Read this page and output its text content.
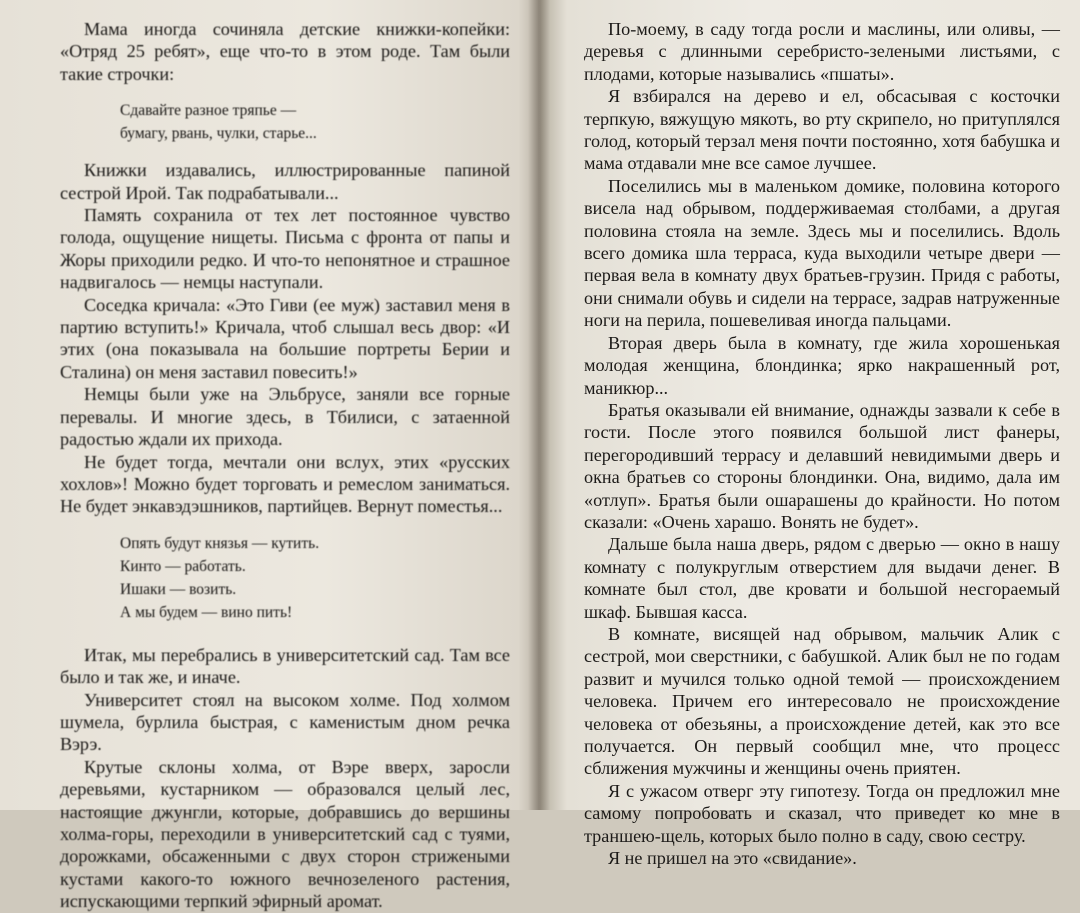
Мама иногда сочиняла детские книжки-копейки: «Отряд 25 ребят», еще что-то в этом роде. Там были такие строчки:

Сдавайте разное тряпье —
бумагу, рвань, чулки, старье...

Книжки издавались, иллюстрированные папиной сестрой Ирой. Так подрабатывали...

Память сохранила от тех лет постоянное чувство голода, ощущение нищеты. Письма с фронта от папы и Жоры приходили редко. И что-то непонятное и страшное надвигалось — немцы наступали.

Соседка кричала: «Это Гиви (ее муж) заставил меня в партию вступить!» Кричала, чтоб слышал весь двор: «И этих (она показывала на большие портреты Берии и Сталина) он меня заставил повесить!»

Немцы были уже на Эльбрусе, заняли все горные перевалы. И многие здесь, в Тбилиси, с затаенной радостью ждали их прихода.

Не будет тогда, мечтали они вслух, этих «русских хохлов»! Можно будет торговать и ремеслом заниматься. Не будет энкавэдэшников, партийцев. Вернут поместья...

Опять будут князья — кутить.
Кинто — работать.
Ишаки — возить.
А мы будем — вино пить!

Итак, мы перебрались в университетский сад. Там все было и так же, и иначе.

Университет стоял на высоком холме. Под холмом шумела, бурлила быстрая, с каменистым дном речка Вэрэ.

Крутые склоны холма, от Вэре вверх, заросли деревьями, кустарником — образовался целый лес, настоящие джунгли, которые, добравшись до вершины холма-горы, переходили в университетский сад с туями, дорожками, обсаженными с двух сторон стрижеными кустами какого-то южного вечнозеленого растения, испускающими терпкий эфирный аромат.

По-моему, в саду тогда росли и маслины, или оливы, — деревья с длинными серебристо-зелеными листьями, с плодами, которые назывались «пшаты».

Я взбирался на дерево и ел, обсасывая с косточки терпкую, вяжущую мякоть, во рту скрипело, но притуплялся голод, который терзал меня почти постоянно, хотя бабушка и мама отдавали мне все самое лучшее.

Поселились мы в маленьком домике, половина которого висела над обрывом, поддерживаемая столбами, а другая половина стояла на земле. Здесь мы и поселились. Вдоль всего домика шла терраса, куда выходили четыре двери — первая вела в комнату двух братьев-грузин. Придя с работы, они снимали обувь и сидели на террасе, задрав натруженные ноги на перила, пошевеливая иногда пальцами.

Вторая дверь была в комнату, где жила хорошенькая молодая женщина, блондинка; ярко накрашенный рот, маникюр...

Братья оказывали ей внимание, однажды зазвали к себе в гости. После этого появился большой лист фанеры, перегородивший террасу и делавший невидимыми дверь и окна братьев со стороны блондинки. Она, видимо, дала им «отлуп». Братья были ошарашены до крайности. Но потом сказали: «Очень харашо. Вонять не будет».

Дальше была наша дверь, рядом с дверью — окно в нашу комнату с полукруглым отверстием для выдачи денег. В комнате был стол, две кровати и большой несгораемый шкаф. Бывшая касса.

В комнате, висящей над обрывом, мальчик Алик с сестрой, мои сверстники, с бабушкой. Алик был не по годам развит и мучился только одной темой — происхождением человека. Причем его интересовало не происхождение человека от обезьяны, а происхождение детей, как это все получается. Он первый сообщил мне, что процесс сближения мужчины и женщины очень приятен.

Я с ужасом отверг эту гипотезу. Тогда он предложил мне самому попробовать и сказал, что приведет ко мне в траншею-щель, которых было полно в саду, свою сестру.

Я не пришел на это «свидание».
